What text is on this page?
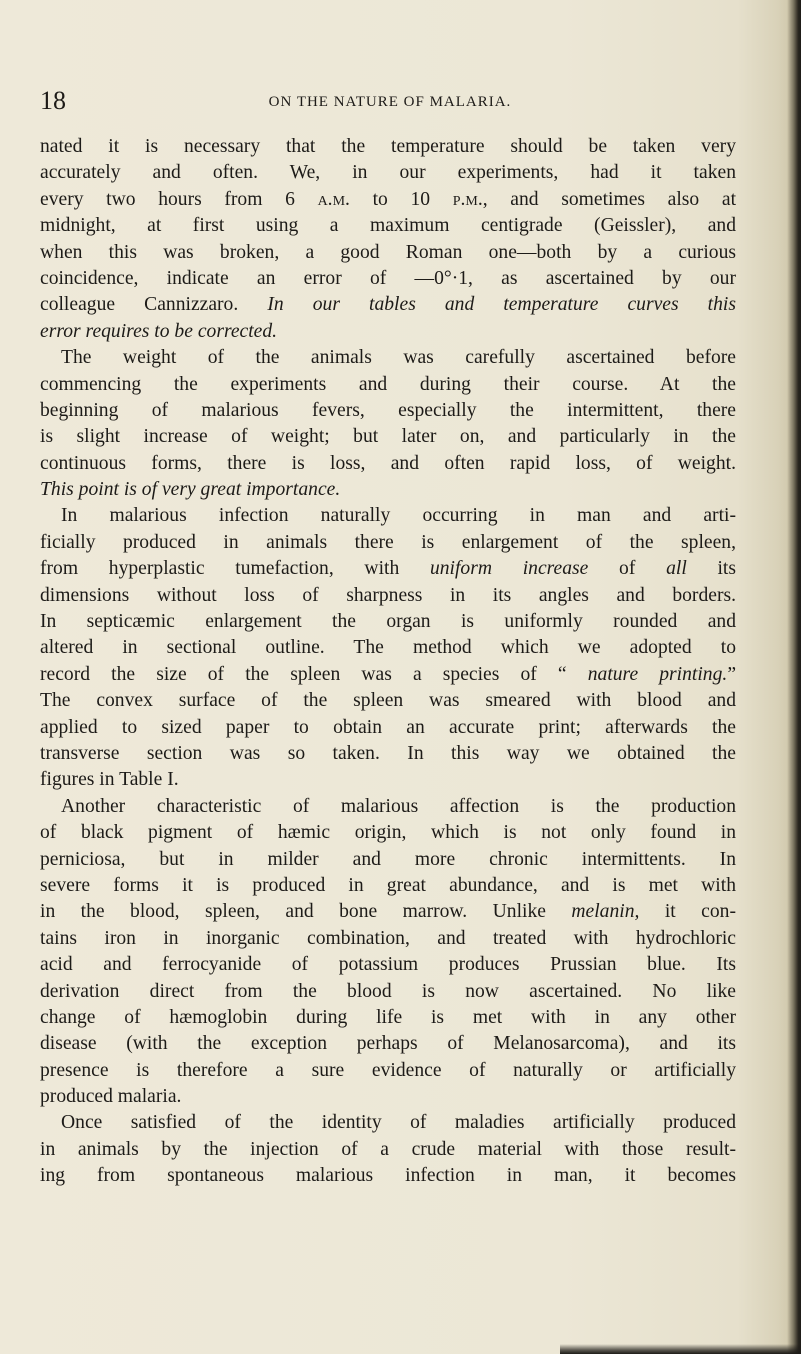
18	ON THE NATURE OF MALARIA.
nated it is necessary that the temperature should be taken very
accurately and often. We, in our experiments, had it taken
every two hours from 6 a.m. to 10 p.m., and sometimes also at
midnight, at first using a maximum centigrade (Geissler), and
when this was broken, a good Roman one—both by a curious
coincidence, indicate an error of —0°·1, as ascertained by our
colleague Cannizzaro. In our tables and temperature curves this
error requires to be corrected.
The weight of the animals was carefully ascertained before
commencing the experiments and during their course. At the
beginning of malarious fevers, especially the intermittent, there
is slight increase of weight; but later on, and particularly in the
continuous forms, there is loss, and often rapid loss, of weight.
This point is of very great importance.
In malarious infection naturally occurring in man and arti-
ficially produced in animals there is enlargement of the spleen,
from hyperplastic tumefaction, with uniform increase of all its
dimensions without loss of sharpness in its angles and borders.
In septicæmic enlargement the organ is uniformly rounded and
altered in sectional outline. The method which we adopted to
record the size of the spleen was a species of “ nature printing.”
The convex surface of the spleen was smeared with blood and
applied to sized paper to obtain an accurate print; afterwards the
transverse section was so taken. In this way we obtained the
figures in Table I.
Another characteristic of malarious affection is the production
of black pigment of hæmic origin, which is not only found in
perniciosa, but in milder and more chronic intermittents. In
severe forms it is produced in great abundance, and is met with
in the blood, spleen, and bone marrow. Unlike melanin, it con-
tains iron in inorganic combination, and treated with hydrochloric
acid and ferrocyanide of potassium produces Prussian blue. Its
derivation direct from the blood is now ascertained. No like
change of hæmoglobin during life is met with in any other
disease (with the exception perhaps of Melanosarcoma), and its
presence is therefore a sure evidence of naturally or artificially
produced malaria.
Once satisfied of the identity of maladies artificially produced
in animals by the injection of a crude material with those result-
ing from spontaneous malarious infection in man, it becomes
